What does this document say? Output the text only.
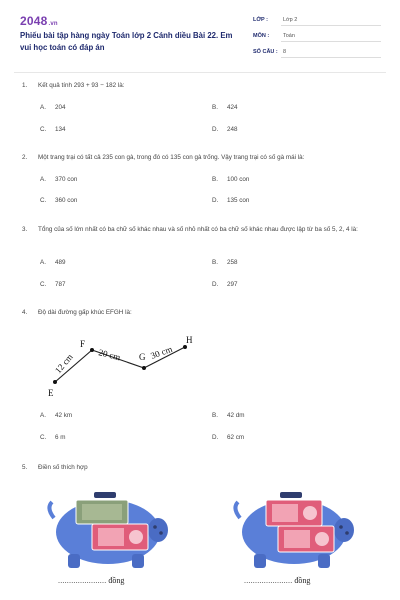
2048.vn
Phiếu bài tập hàng ngày Toán lớp 2 Cánh diều Bài 22. Em vui học toán có đáp án
LỚP :	Lớp 2
MÔN :	Toán
SỐ CÂU : 8
1. Kết quả tính 293 + 93 − 182 là:
A. 204	B. 424
C. 134	D. 248
2. Một trang trại có tất cả 235 con gà, trong đó có 135 con gà trống. Vậy trang trại có số gà mái là:
A. 370 con	B. 100 con
C. 360 con	D. 135 con
3. Tổng của số lớn nhất có ba chữ số khác nhau và số nhỏ nhất có ba chữ số khác nhau được lập từ ba số 5, 2, 4 là:
A. 489	B. 258
C. 787	D. 297
4. Độ dài đường gấp khúc EFGH là:
E
F
G
H
12 cm	20 cm	30 cm
A. 42 km	B. 42 dm
C. 6 m	D. 62 cm
5. Điền số thích hợp
...................... đồng	...................... đồng
